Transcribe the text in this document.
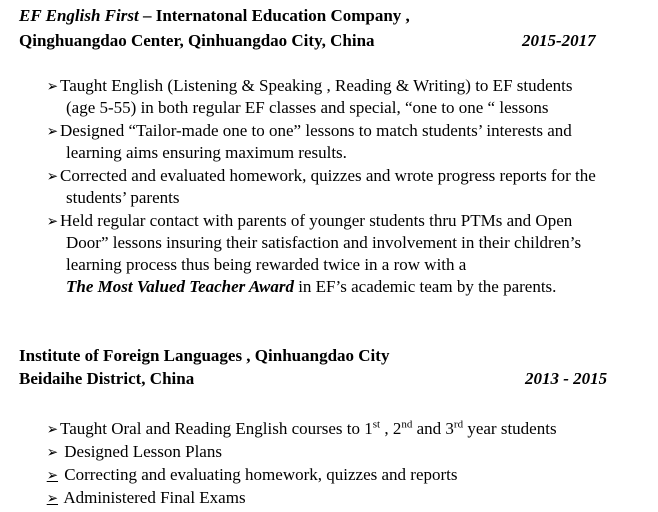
EF English First – Internatonal Education Company ,
Qinghuangdao Center, Qinhuangdao City, China	2015-2017
➢ Taught English (Listening & Speaking , Reading & Writing) to EF students
(age 5-55) in both regular EF classes and special, “one to one “ lessons
➢ Designed “Tailor-made one to one” lessons to match students’ interests and
learning aims ensuring maximum results.
➢ Corrected and evaluated homework, quizzes and wrote progress reports for the
students’ parents
➢ Held regular contact with parents of younger students thru PTMs and Open
Door” lessons insuring their satisfaction and involvement in their children’s
learning process thus being rewarded twice in a row with a
The Most Valued Teacher Award in EF’s academic team by the parents.
Institute of Foreign Languages , Qinhuangdao City
Beidaihe District, China	2013 - 2015
➢ Taught Oral and Reading English courses to 1st , 2nd and 3rd year students
➢ Designed Lesson Plans
➢ Correcting and evaluating homework, quizzes and reports
➢ Administered Final Exams
